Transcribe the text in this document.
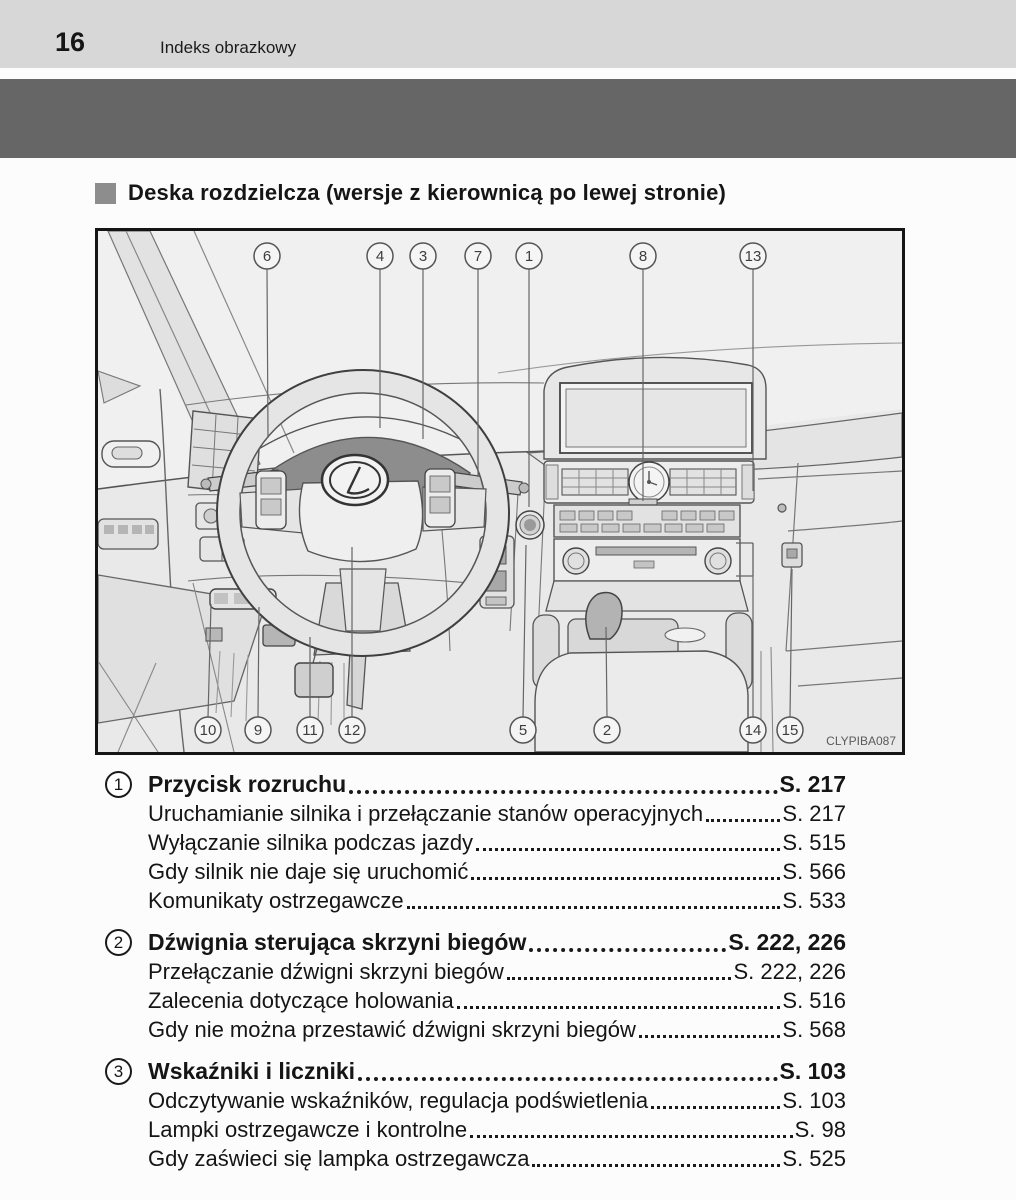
16	Indeks obrazkowy
Deska rozdzielcza (wersje z kierownicą po lewej stronie)
CLYPIBA087
6	4 3	7	1	8	13
10 9	11 12	5	2	14 15
1	Przycisk rozruchu	S. 217
Uruchamianie silnika i przełączanie stanów operacyjnych	S. 217
Wyłączanie silnika podczas jazdy	S. 515
Gdy silnik nie daje się uruchomić	S. 566
Komunikaty ostrzegawcze	S. 533
2	Dźwignia sterująca skrzyni biegów	S. 222, 226
Przełączanie dźwigni skrzyni biegów	S. 222, 226
Zalecenia dotyczące holowania	S. 516
Gdy nie można przestawić dźwigni skrzyni biegów	S. 568
3	Wskaźniki i liczniki	S. 103
Odczytywanie wskaźników, regulacja podświetlenia	S. 103
Lampki ostrzegawcze i kontrolne	S. 98
Gdy zaświeci się lampka ostrzegawcza	S. 525
